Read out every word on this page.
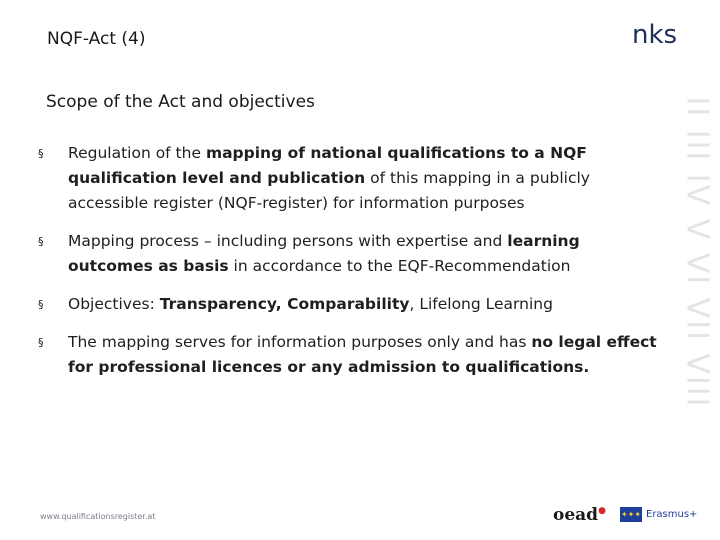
NQF-Act (4)	nks
Scope of the Act and objectives	II III IV V VI VII VIII
§ Regulation of the mapping of national qualifications to a NQF qualification level and publication of this mapping in a publicly accessible register (NQF-register) for information purposes
§ Mapping process – including persons with expertise and learning outcomes as basis in accordance to the EQF-Recommendation
§ Objectives: Transparency, Comparability, Lifelong Learning
§ The mapping serves for information purposes only and has no legal effect for professional licences or any admission to qualifications.
www.qualificationsregister.at	oead● ✦✦✦ Erasmus+
